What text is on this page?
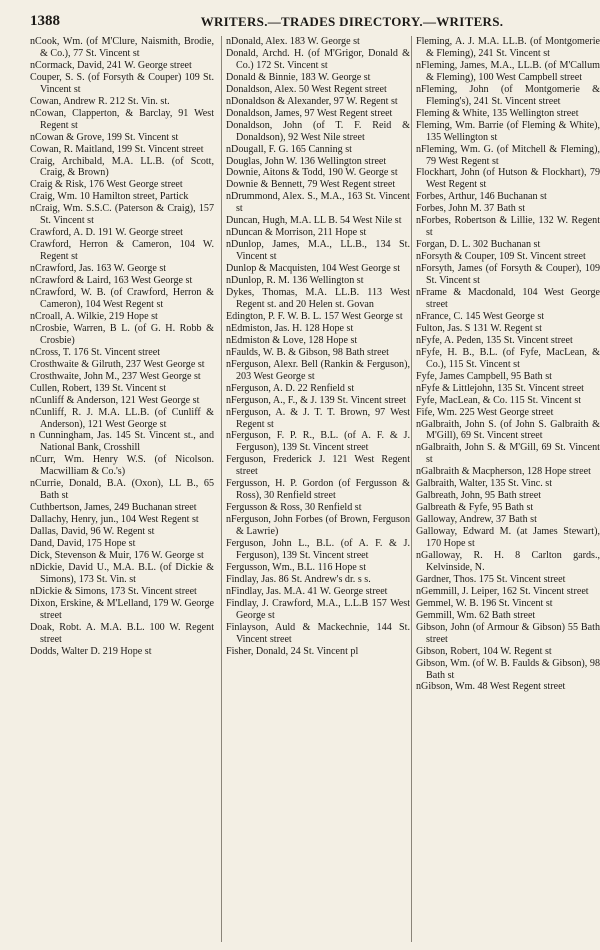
1388	WRITERS.—TRADES DIRECTORY.—WRITERS.
nCook, Wm. (of M'Clure, Naismith, Brodie, & Co.), 77 St. Vincent st
nCormack, David, 241 W. George street
Couper, S. S. (of Forsyth & Couper) 109 St. Vincent st
Cowan, Andrew R. 212 St. Vin. st.
nCowan, Clapperton, & Barclay, 91 West Regent st
nCowan & Grove, 199 St. Vincent st
Cowan, R. Maitland, 199 St. Vincent street
Craig, Archibald, M.A. LL.B. (of Scott, Craig, & Brown)
Craig & Risk, 176 West George street
Craig, Wm. 10 Hamilton street, Partick
nCraig, Wm. S.S.C. (Paterson & Craig), 157 St. Vincent st
Crawford, A. D. 191 W. George street
Crawford, Herron & Cameron, 104 W. Regent st
nCrawford, Jas. 163 W. George st
nCrawford & Laird, 163 West George st
nCrawford, W. B. (of Crawford, Herron & Cameron), 104 West Regent st
nCroall, A. Wilkie, 219 Hope st
nCrosbie, Warren, B L. (of G. H. Robb & Crosbie)
nCross, T. 176 St. Vincent street
Crosthwaite & Gilruth, 237 West George st
Crosthwaite, John M., 237 West George st
Cullen, Robert, 139 St. Vincent st
nCunliff & Anderson, 121 West George st
nCunliff, R. J. M.A. LL.B. (of Cunliff & Anderson), 121 West George st
n Cunningham, Jas. 145 St. Vincent st., and National Bank, Crosshill
nCurr, Wm. Henry W.S. (of Nicolson. Macwilliam & Co.'s)
nCurrie, Donald, B.A. (Oxon), LL B., 65 Bath st
Cuthbertson, James, 249 Buchanan street
Dallachy, Henry, jun., 104 West Regent st
Dallas, David, 96 W. Regent st
Dand, David, 175 Hope st
Dick, Stevenson & Muir, 176 W. George st
nDickie, David U., M.A. B.L. (of Dickie & Simons), 173 St. Vin. st
nDickie & Simons, 173 St. Vincent street
Dixon, Erskine, & M'Lelland, 179 W. George street
Doak, Robt. A. M.A. B.L. 100 W. Regent street
Dodds, Walter D. 219 Hope st
nDonald, Alex. 183 W. George st
Donald, Archd. H. (of M'Grigor, Donald & Co.) 172 St. Vincent st
Donald & Binnie, 183 W. George st
Donaldson, Alex. 50 West Regent street
nDonaldson & Alexander, 97 W. Regent st
Donaldson, James, 97 West Regent street
Donaldson, John (of T. F. Reid & Donaldson), 92 West Nile street
nDougall, F. G. 165 Canning st
Douglas, John W. 136 Wellington street
Downie, Aitons & Todd, 190 W. George st
Downie & Bennett, 79 West Regent street
nDrummond, Alex. S., M.A., 163 St. Vincent st
Duncan, Hugh, M.A. LL B. 54 West Nile st
nDuncan & Morrison, 211 Hope st
nDunlop, James, M.A., LL.B., 134 St. Vincent st
Dunlop & Macquisten, 104 West George st
nDunlop, R. M. 136 Wellington st
Dykes, Thomas, M.A. LL.B. 113 West Regent st. and 20 Helen st. Govan
Edington, P. F. W. B. L. 157 West George st
nEdmiston, Jas. H. 128 Hope st
nEdmiston & Love, 128 Hope st
nFaulds, W. B. & Gibson, 98 Bath street
nFerguson, Alexr. Bell (Rankin & Ferguson), 203 West George st
nFerguson, A. D. 22 Renfield st
nFerguson, A., F., & J. 139 St. Vincent street
nFerguson, A. & J. T. T. Brown, 97 West Regent st
nFerguson, F. P. R., B.L. (of A. F. & J. Ferguson), 139 St. Vincent street
Ferguson, Frederick J. 121 West Regent street
Fergusson, H. P. Gordon (of Fergusson & Ross), 30 Renfield street
Fergusson & Ross, 30 Renfield st
nFerguson, John Forbes (of Brown, Ferguson & Lawrie)
Ferguson, John L., B.L. (of A. F. & J. Ferguson), 139 St. Vincent street
Fergusson, Wm., B.L. 116 Hope st
Findlay, Jas. 86 St. Andrew's dr. s s.
nFindlay, Jas. M.A. 41 W. George street
Findlay, J. Crawford, M.A., L.L.B 157 West George st
Finlayson, Auld & Mackechnie, 144 St. Vincent street
Fisher, Donald, 24 St. Vincent pl
Fleming, A. J. M.A. LL.B. (of Montgomerie & Fleming), 241 St. Vincent st
nFleming, James, M.A., LL.B. (of M'Callum & Fleming), 100 West Campbell street
nFleming, John (of Montgomerie & Fleming's), 241 St. Vincent street
Fleming & White, 135 Wellington street
Fleming, Wm. Barrie (of Fleming & White), 135 Wellington st
nFleming, Wm. G. (of Mitchell & Fleming), 79 West Regent st
Flockhart, John (of Hutson & Flockhart), 79 West Regent st
Forbes, Arthur, 146 Buchanan st
Forbes, John M. 37 Bath st
nForbes, Robertson & Lillie, 132 W. Regent st
Forgan, D. L. 302 Buchanan st
nForsyth & Couper, 109 St. Vincent street
nForsyth, James (of Forsyth & Couper), 109 St. Vincent st
nFrame & Macdonald, 104 West George street
nFrance, C. 145 West George st
Fulton, Jas. S 131 W. Regent st
nFyfe, A. Peden, 135 St. Vincent street
nFyfe, H. B., B.L. (of Fyfe, MacLean, & Co.), 115 St. Vincent st
Fyfe, James Campbell, 95 Bath st
nFyfe & Littlejohn, 135 St. Vincent street
Fyfe, MacLean, & Co. 115 St. Vincent st
Fife, Wm. 225 West George street
nGalbraith, John S. (of John S. Galbraith & M'Gill), 69 St. Vincent street
nGalbraith, John S. & M'Gill, 69 St. Vincent st
nGalbraith & Macpherson, 128 Hope street
Galbraith, Walter, 135 St. Vinc. st
Galbreath, John, 95 Bath street
Galbreath & Fyfe, 95 Bath st
Galloway, Andrew, 37 Bath st
Galloway, Edward M. (at James Stewart), 170 Hope st
nGalloway, R. H. 8 Carlton gards., Kelvinside, N.
Gardner, Thos. 175 St. Vincent street
nGemmill, J. Leiper, 162 St. Vincent street
Gemmel, W. B. 196 St. Vincent st
Gemmill, Wm. 62 Bath street
Gibson, John (of Armour & Gibson) 55 Bath street
Gibson, Robert, 104 W. Regent st
Gibson, Wm. (of W. B. Faulds & Gibson), 98 Bath st
nGibson, Wm. 48 West Regent street
